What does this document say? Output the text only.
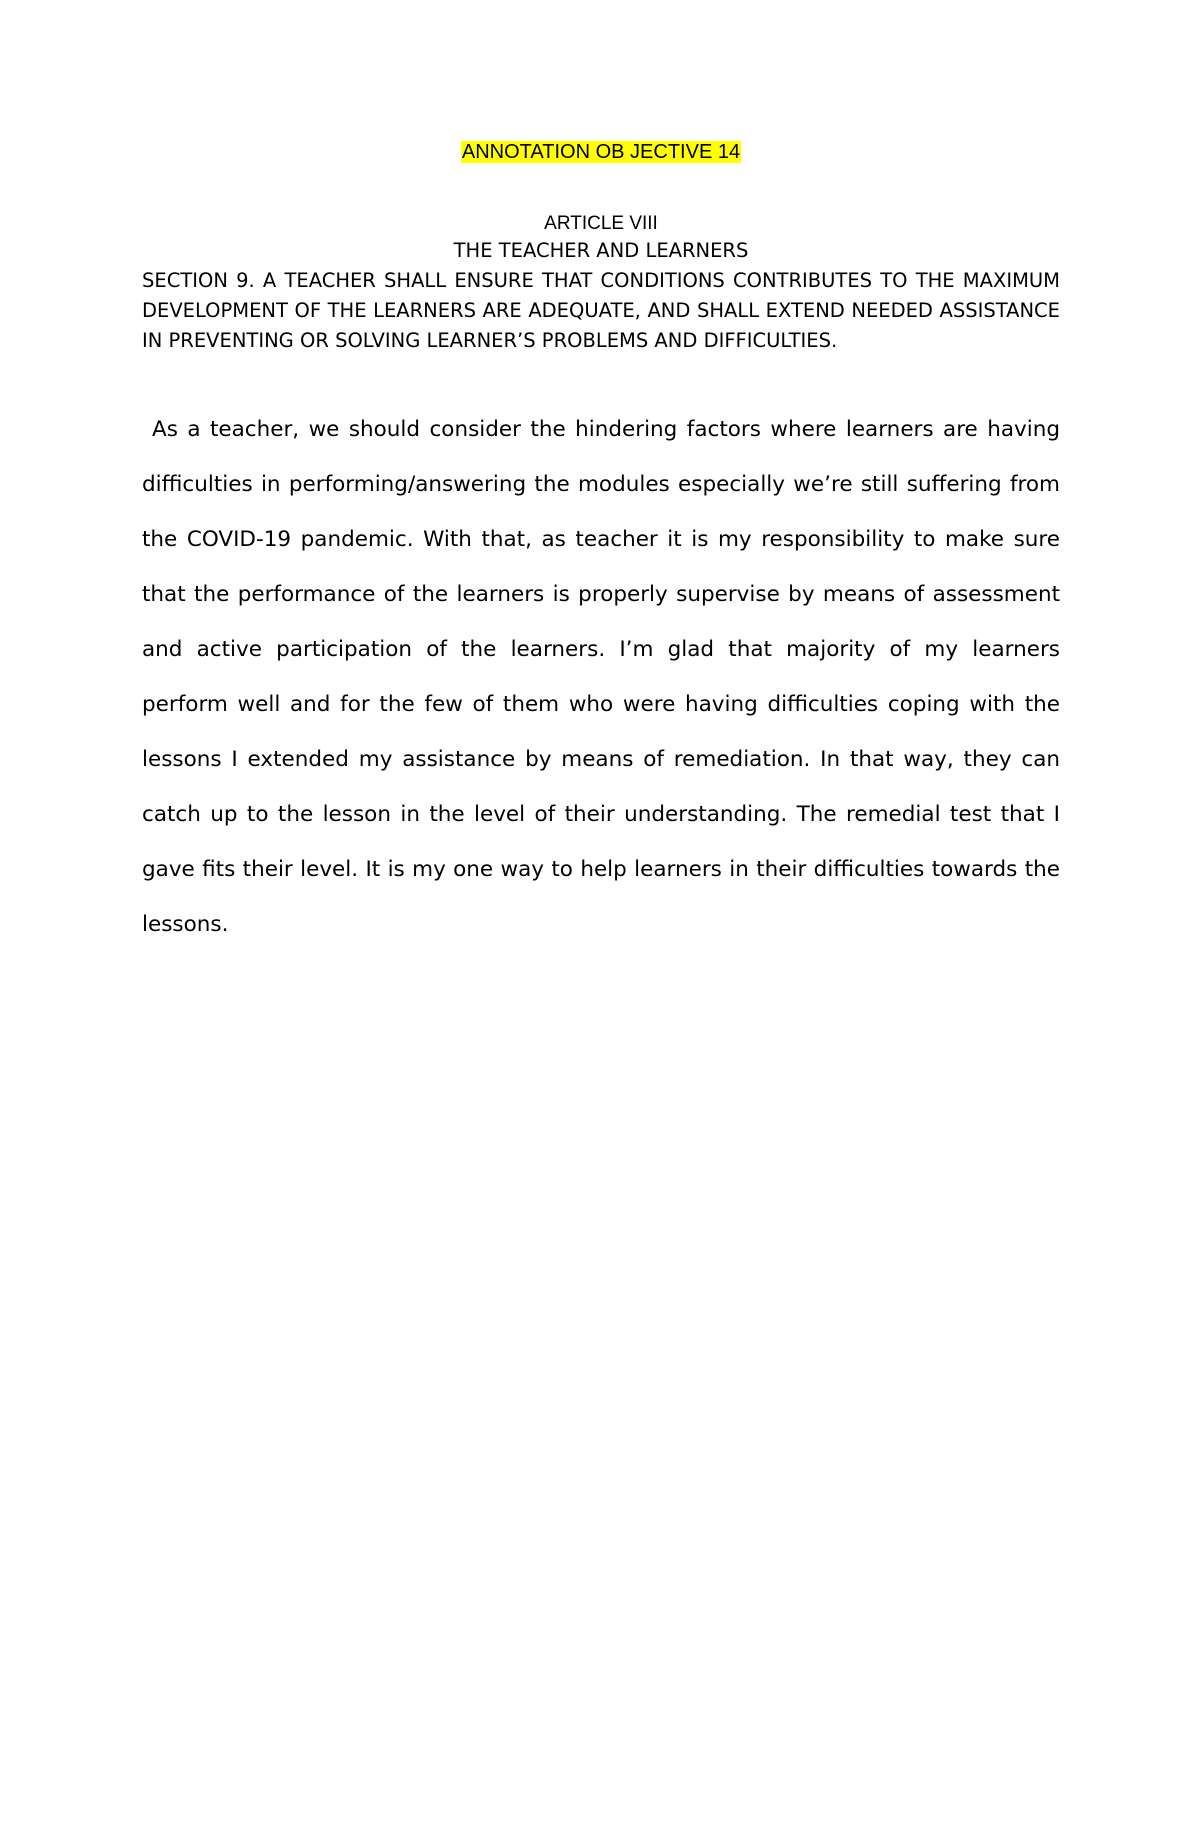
ANNOTATION OB JECTIVE 14

ARTICLE VIII

THE TEACHER AND LEARNERS

SECTION 9. A TEACHER SHALL ENSURE THAT CONDITIONS CONTRIBUTES TO THE MAXIMUM DEVELOPMENT OF THE LEARNERS ARE ADEQUATE, AND SHALL EXTEND NEEDED ASSISTANCE IN PREVENTING OR SOLVING LEARNER’S PROBLEMS AND DIFFICULTIES.

As a teacher, we should consider the hindering factors where learners are having difficulties in performing/answering the modules especially we’re still suffering from the COVID-19 pandemic. With that, as teacher it is my responsibility to make sure that the performance of the learners is properly supervise by means of assessment and active participation of the learners. I’m glad that majority of my learners perform well and for the few of them who were having difficulties coping with the lessons I extended my assistance by means of remediation. In that way, they can catch up to the lesson in the level of their understanding. The remedial test that I gave fits their level. It is my one way to help learners in their difficulties towards the lessons.
